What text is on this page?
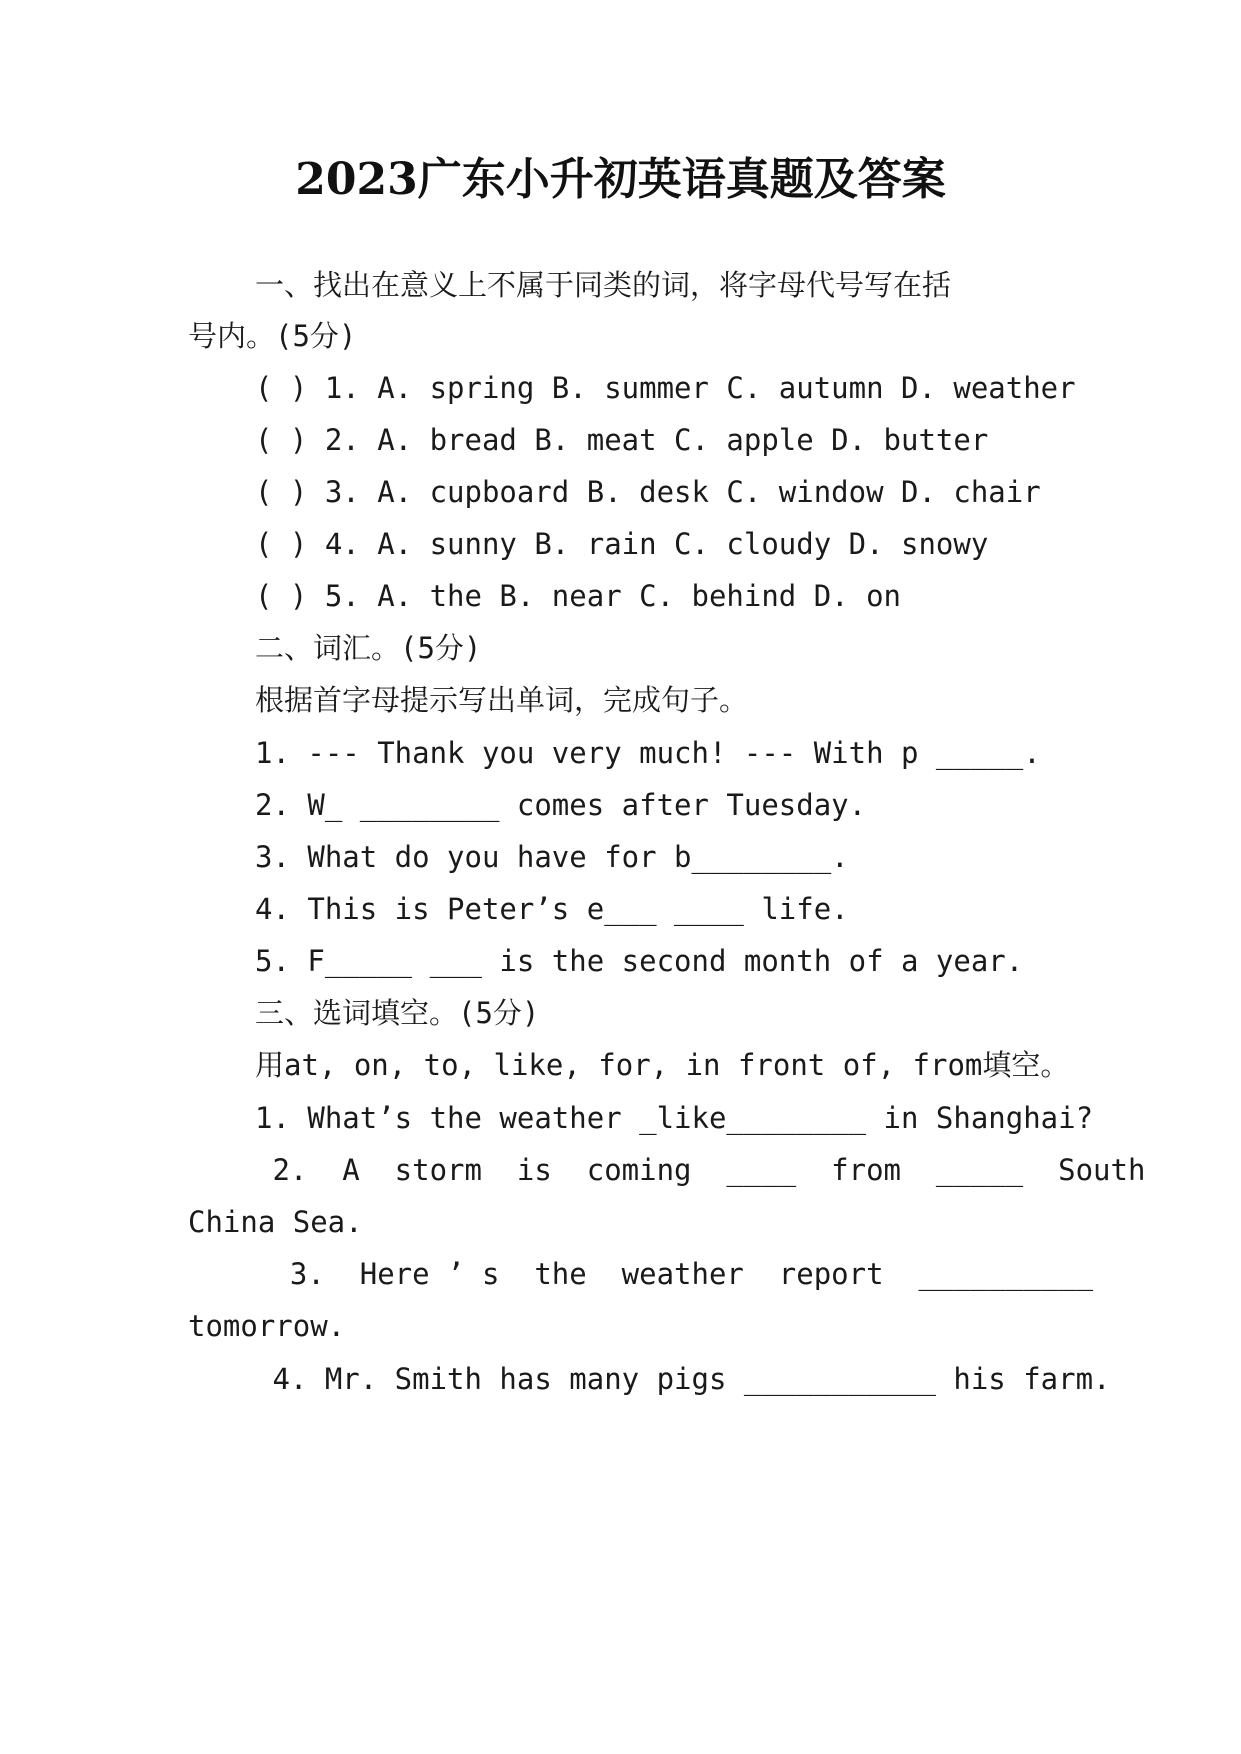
2023广东小升初英语真题及答案
一、找出在意义上不属于同类的词，将字母代号写在括
号内。(5分)
( ) 1. A. spring B. summer C. autumn D. weather
( ) 2. A. bread B. meat C. apple D. butter
( ) 3. A. cupboard B. desk C. window D. chair
( ) 4. A. sunny B. rain C. cloudy D. snowy
( ) 5. A. the B. near C. behind D. on
二、词汇。(5分)
根据首字母提示写出单词，完成句子。
1. --- Thank you very much! --- With p _____.
2. W_ ________ comes after Tuesday.
3. What do you have for b________.
4. This is Peter’s e___ ____ life.
5. F_____ ___ is the second month of a year.
三、选词填空。(5分)
用at, on, to, like, for, in front of, from填空。
1. What’s the weather _like________ in Shanghai?
2.  A  storm  is  coming  ____  from  _____  South
China Sea.
3.  Here ’ s  the  weather  report  __________
tomorrow.
4. Mr. Smith has many pigs ___________ his farm.
